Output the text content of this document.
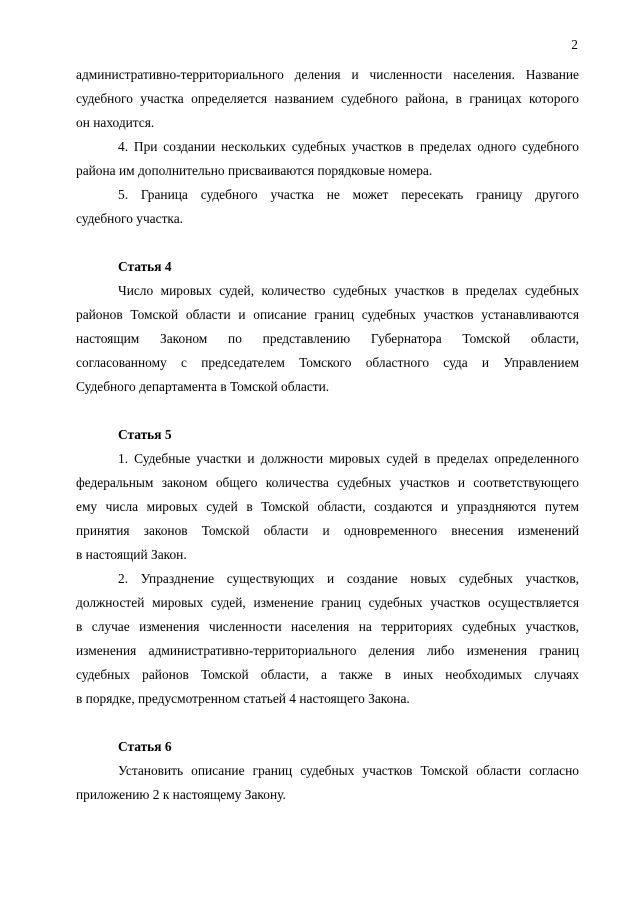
2
административно-территориального деления и численности населения. Название
судебного участка определяется названием судебного района, в границах которого
он находится.
4. При создании нескольких судебных участков в пределах одного судебного
района им дополнительно присваиваются порядковые номера.
5. Граница судебного участка не может пересекать границу другого
судебного участка.
Статья 4
Число мировых судей, количество судебных участков в пределах судебных
районов Томской области и описание границ судебных участков устанавливаются
настоящим Законом по представлению Губернатора Томской области,
согласованному с председателем Томского областного суда и Управлением
Судебного департамента в Томской области.
Статья 5
1. Судебные участки и должности мировых судей в пределах определенного
федеральным законом общего количества судебных участков и соответствующего
ему числа мировых судей в Томской области, создаются и упраздняются путем
принятия законов Томской области и одновременного внесения изменений
в настоящий Закон.
2. Упразднение существующих и создание новых судебных участков,
должностей мировых судей, изменение границ судебных участков осуществляется
в случае изменения численности населения на территориях судебных участков,
изменения административно-территориального деления либо изменения границ
судебных районов Томской области, а также в иных необходимых случаях
в порядке, предусмотренном статьей 4 настоящего Закона.
Статья 6
Установить описание границ судебных участков Томской области согласно
приложению 2 к настоящему Закону.
